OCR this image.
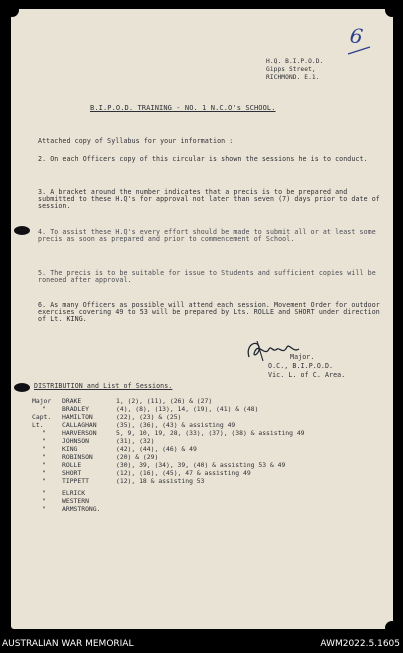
H.Q. B.I.P.O.D.
Gipps Street,
RICHMOND. E.1.
6
B.I.P.O.D. TRAINING - NO. 1 N.C.O's SCHOOL.
Attached copy of Syllabus for your information :
2. On each Officers copy of this circular is shown the sessions he is to conduct.
3. A bracket around the number indicates that a precis is to be prepared and submitted to these H.Q's for approval not later than seven (7) days prior to date of session.
4. To assist these H.Q's every effort should be made to submit all or at least some precis as soon as prepared and prior to commencement of School.
5. The precis is to be suitable for issue to Students and sufficient copies will be roneoed after approval.
6. As many Officers as possible will attend each session. Movement Order for outdoor exercises covering 49 to 53 will be prepared by Lts. ROLLE and SHORT under direction of Lt. KING.
Major.
O.C., B.I.P.O.D.
Vic. L. of C. Area.
DISTRIBUTION and List of Sessions.
Major DRAKE	1, (2), (11), (26) & (27)
"	BRADLEY	(4), (8), (13), 14, (19), (41) & (48)
Capt. HAMILTON	(22), (23) & (25)
Lt.	CALLAGHAN	(35), (36), (43) & assisting 49
"	HARVERSON	5, 9, 10, 19, 28, (33), (37), (38) & assisting 49
"	JOHNSON	(31), (32)
"	KING	(42), (44), (46) & 49
"	ROBINSON	(20) & (29)
"	ROLLE	(30), 39, (34), 39, (40) & assisting 53 & 49
"	SHORT	(12), (16), (45), 47 & assisting 49
"	TIPPETT	(12), 18 & assisting 53
"	ELRICK
"	WESTERN
"	ARMSTRONG.
AUSTRALIAN WAR MEMORIAL	AWM2022.5.1605
